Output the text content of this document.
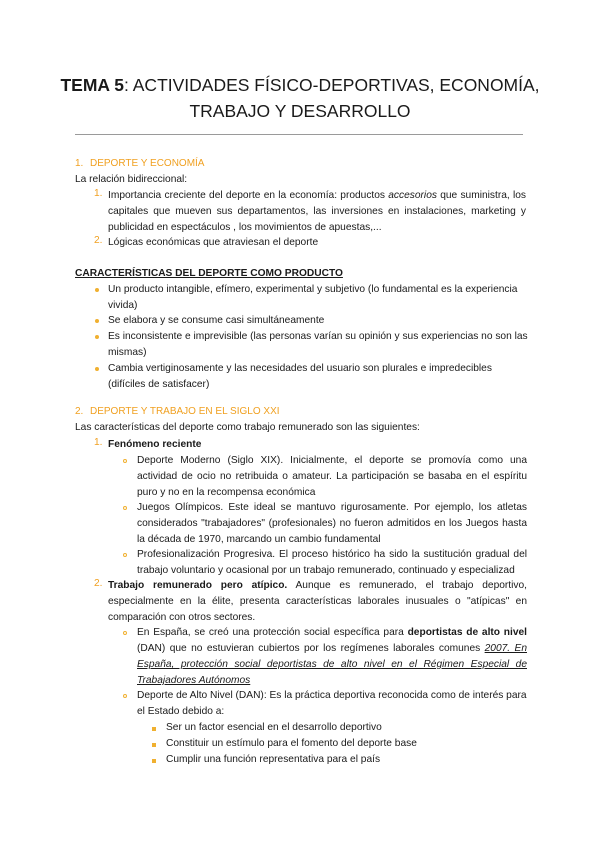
TEMA 5: ACTIVIDADES FÍSICO-DEPORTIVAS, ECONOMÍA,
TRABAJO Y DESARROLLO
1. DEPORTE Y ECONOMÍA
La relación bidireccional:
1. Importancia creciente del deporte en la economía: productos accesorios que suministra, los capitales que mueven sus departamentos, las inversiones en instalaciones, marketing y publicidad en espectáculos , los movimientos de apuestas,...
2. Lógicas económicas que atraviesan el deporte
CARACTERÍSTICAS DEL DEPORTE COMO PRODUCTO
Un producto intangible, efímero, experimental y subjetivo (lo fundamental es la experiencia vivida)
Se elabora y se consume casi simultáneamente
Es inconsistente e imprevisible (las personas varían su opinión y sus experiencias no son las mismas)
Cambia vertiginosamente y las necesidades del usuario son plurales e impredecibles (difíciles de satisfacer)
2. DEPORTE Y TRABAJO EN EL SIGLO XXI
Las características del deporte como trabajo remunerado son las siguientes:
1. Fenómeno reciente
Deporte Moderno (Siglo XIX). Inicialmente, el deporte se promovía como una actividad de ocio no retribuida o amateur. La participación se basaba en el espíritu puro y no en la recompensa económica
Juegos Olímpicos. Este ideal se mantuvo rigurosamente. Por ejemplo, los atletas considerados "trabajadores" (profesionales) no fueron admitidos en los Juegos hasta la década de 1970, marcando un cambio fundamental
Profesionalización Progresiva. El proceso histórico ha sido la sustitución gradual del trabajo voluntario y ocasional por un trabajo remunerado, continuado y especializad
2. Trabajo remunerado pero atípico. Aunque es remunerado, el trabajo deportivo, especialmente en la élite, presenta características laborales inusuales o "atípicas" en comparación con otros sectores.
En España, se creó una protección social específica para deportistas de alto nivel (DAN) que no estuvieran cubiertos por los regímenes laborales comunes 2007. En España, protección social deportistas de alto nivel en el Régimen Especial de Trabajadores Autónomos
Deporte de Alto Nivel (DAN): Es la práctica deportiva reconocida como de interés para el Estado debido a:
Ser un factor esencial en el desarrollo deportivo
Constituir un estímulo para el fomento del deporte base
Cumplir una función representativa para el país
